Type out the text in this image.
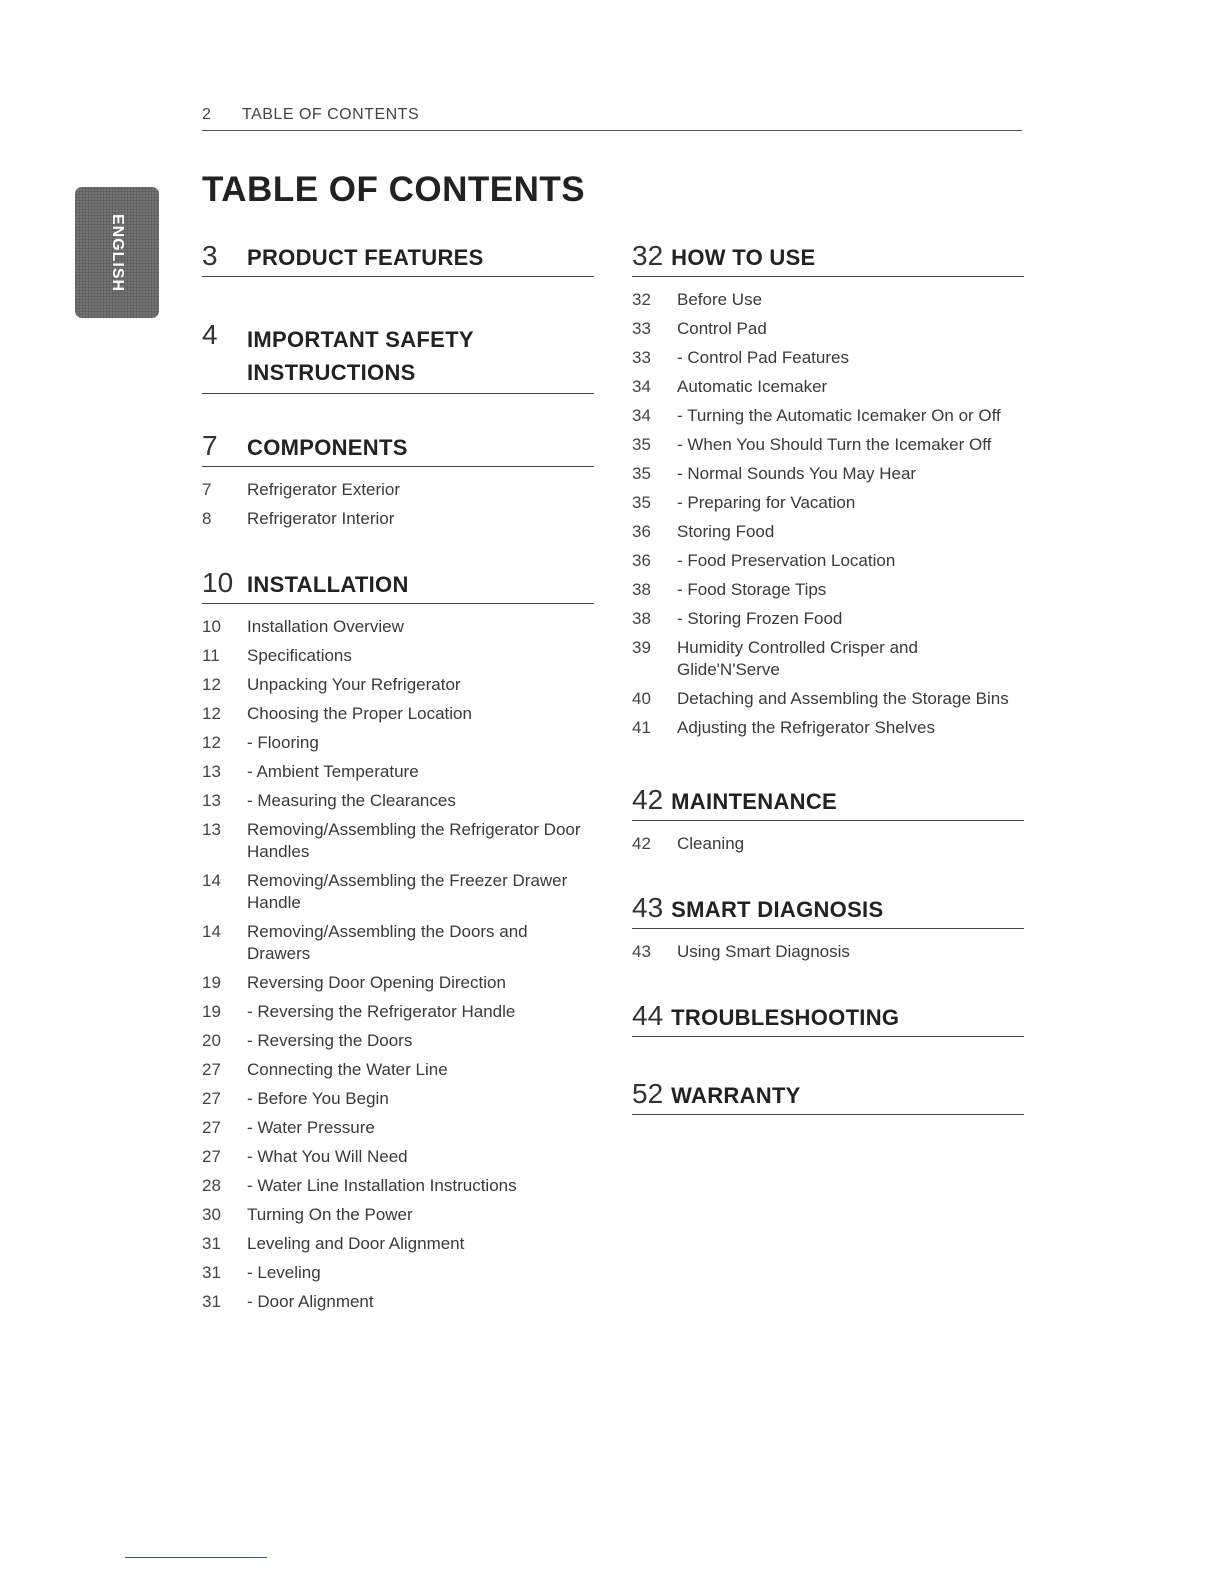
2 TABLE OF CONTENTS
TABLE OF CONTENTS
ENGLISH	3	PRODUCT FEATURES
4	IMPORTANT SAFETY INSTRUCTIONS
7	COMPONENTS
7	Refrigerator Exterior
8	Refrigerator Interior
10 INSTALLATION
10	Installation Overview
11	Specifications
12	Unpacking Your Refrigerator
12	Choosing the Proper Location
12	- Flooring
13	- Ambient Temperature
13	- Measuring the Clearances
13	Removing/Assembling the Refrigerator Door Handles
14	Removing/Assembling the Freezer Drawer Handle
14	Removing/Assembling the Doors and Drawers
19	Reversing Door Opening Direction
19	- Reversing the Refrigerator Handle
20	- Reversing the Doors
27	Connecting the Water Line
27	- Before You Begin
27	- Water Pressure
27	- What You Will Need
28	- Water Line Installation Instructions
30	Turning On the Power
31	Leveling and Door Alignment
31	- Leveling
31	- Door Alignment
32 HOW TO USE
32	Before Use
33	Control Pad
33	- Control Pad Features
34	Automatic Icemaker
34	- Turning the Automatic Icemaker On or Off
35	- When You Should Turn the Icemaker Off
35	- Normal Sounds You May Hear
35	- Preparing for Vacation
36	Storing Food
36	- Food Preservation Location
38	- Food Storage Tips
38	- Storing Frozen Food
39	Humidity Controlled Crisper and Glide'N'Serve
40	Detaching and Assembling the Storage Bins
41	Adjusting the Refrigerator Shelves
42 MAINTENANCE
42	Cleaning
43 SMART DIAGNOSIS
43	Using Smart Diagnosis
44 TROUBLESHOOTING
52 WARRANTY
